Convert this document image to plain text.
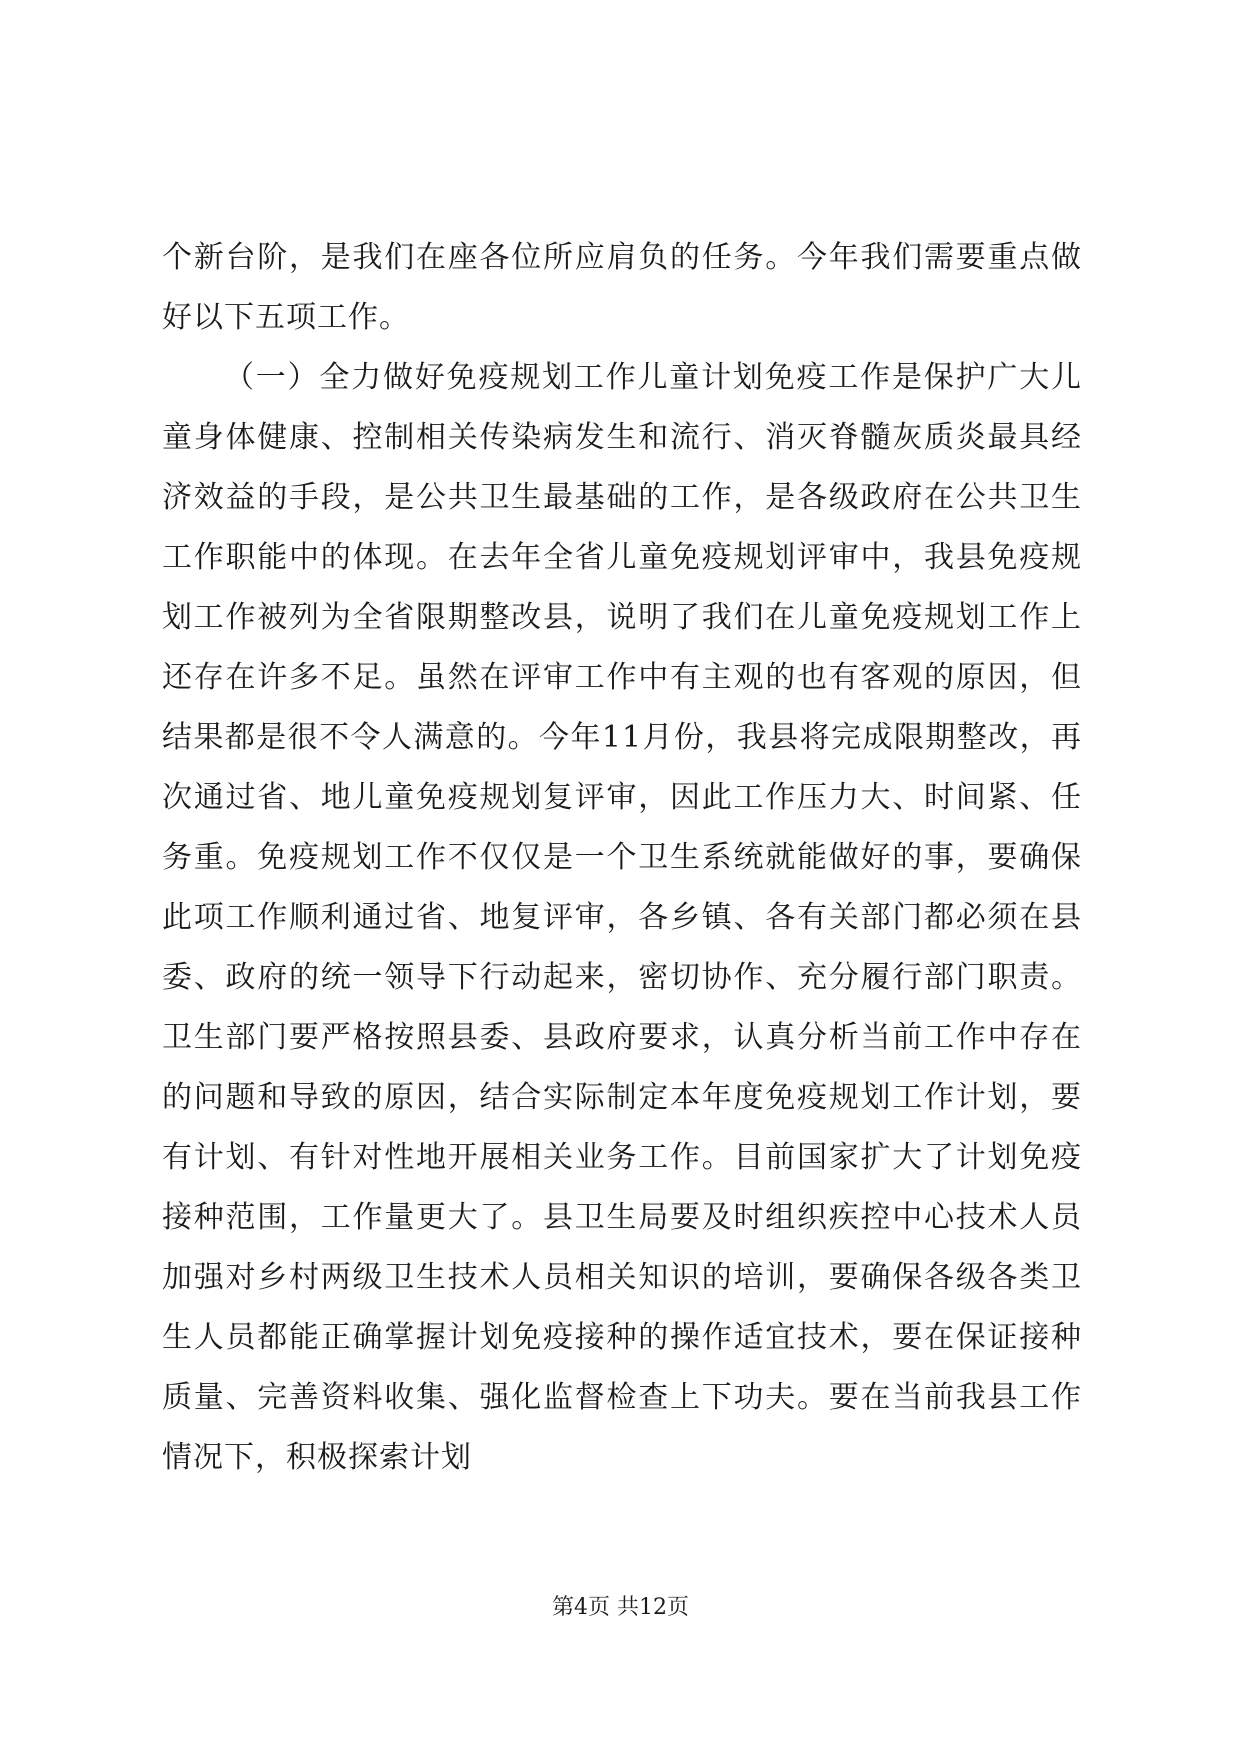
个新台阶，是我们在座各位所应肩负的任务。今年我们需要重点做好以下五项工作。

（一）全力做好免疫规划工作儿童计划免疫工作是保护广大儿童身体健康、控制相关传染病发生和流行、消灭脊髓灰质炎最具经济效益的手段，是公共卫生最基础的工作，是各级政府在公共卫生工作职能中的体现。在去年全省儿童免疫规划评审中，我县免疫规划工作被列为全省限期整改县，说明了我们在儿童免疫规划工作上还存在许多不足。虽然在评审工作中有主观的也有客观的原因，但结果都是很不令人满意的。今年11月份，我县将完成限期整改，再次通过省、地儿童免疫规划复评审，因此工作压力大、时间紧、任务重。免疫规划工作不仅仅是一个卫生系统就能做好的事，要确保此项工作顺利通过省、地复评审，各乡镇、各有关部门都必须在县委、政府的统一领导下行动起来，密切协作、充分履行部门职责。卫生部门要严格按照县委、县政府要求，认真分析当前工作中存在的问题和导致的原因，结合实际制定本年度免疫规划工作计划，要有计划、有针对性地开展相关业务工作。目前国家扩大了计划免疫接种范围，工作量更大了。县卫生局要及时组织疾控中心技术人员加强对乡村两级卫生技术人员相关知识的培训，要确保各级各类卫生人员都能正确掌握计划免疫接种的操作适宜技术，要在保证接种质量、完善资料收集、强化监督检查上下功夫。要在当前我县工作情况下，积极探索计划

第4页 共12页
